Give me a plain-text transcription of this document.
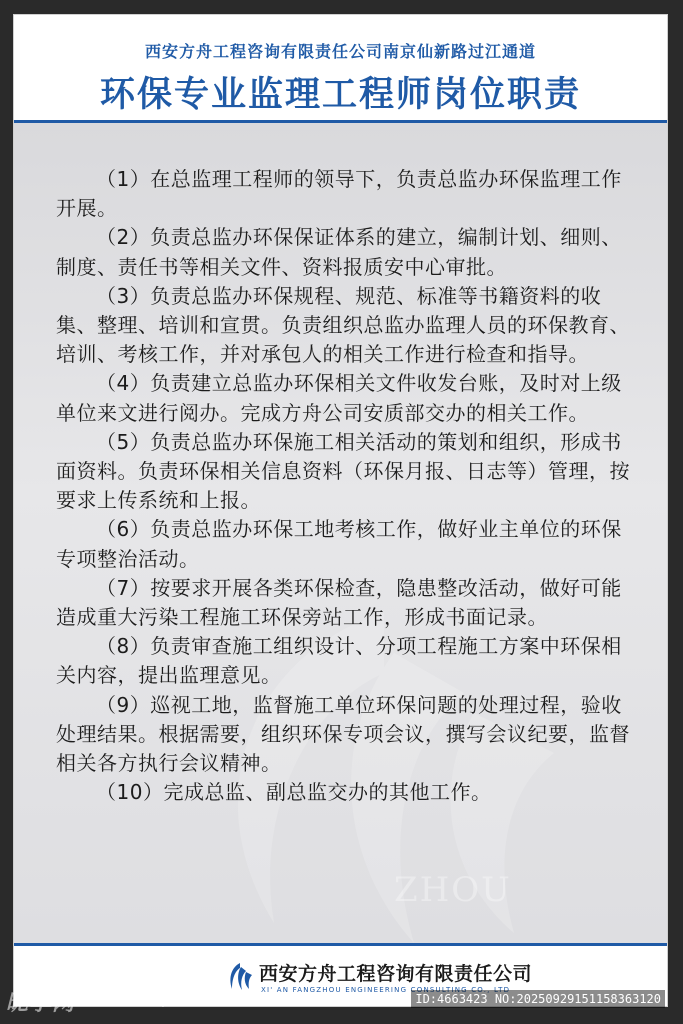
西安方舟工程咨询有限责任公司南京仙新路过江通道
环保专业监理工程师岗位职责
ZHOU
（1）在总监理工程师的领导下，负责总监办环保监理工作开展。
（2）负责总监办环保保证体系的建立，编制计划、细则、制度、责任书等相关文件、资料报质安中心审批。
（3）负责总监办环保规程、规范、标准等书籍资料的收集、整理、培训和宣贯。负责组织总监办监理人员的环保教育、培训、考核工作，并对承包人的相关工作进行检查和指导。
（4）负责建立总监办环保相关文件收发台账，及时对上级单位来文进行阅办。完成方舟公司安质部交办的相关工作。
（5）负责总监办环保施工相关活动的策划和组织，形成书面资料。负责环保相关信息资料（环保月报、日志等）管理，按要求上传系统和上报。
（6）负责总监办环保工地考核工作，做好业主单位的环保专项整治活动。
（7）按要求开展各类环保检查，隐患整改活动，做好可能造成重大污染工程施工环保旁站工作，形成书面记录。
（8）负责审查施工组织设计、分项工程施工方案中环保相关内容，提出监理意见。
（9）巡视工地，监督施工单位环保问题的处理过程，验收处理结果。根据需要，组织环保专项会议，撰写会议纪要，监督相关各方执行会议精神。
（10）完成总监、副总监交办的其他工作。
西安方舟工程咨询有限责任公司
XI' AN FANGZHOU ENGINEERING CONSULTING CO., LTD
昵享网 www.nipic.com	ID:4663423 NO:20250929151158363120
